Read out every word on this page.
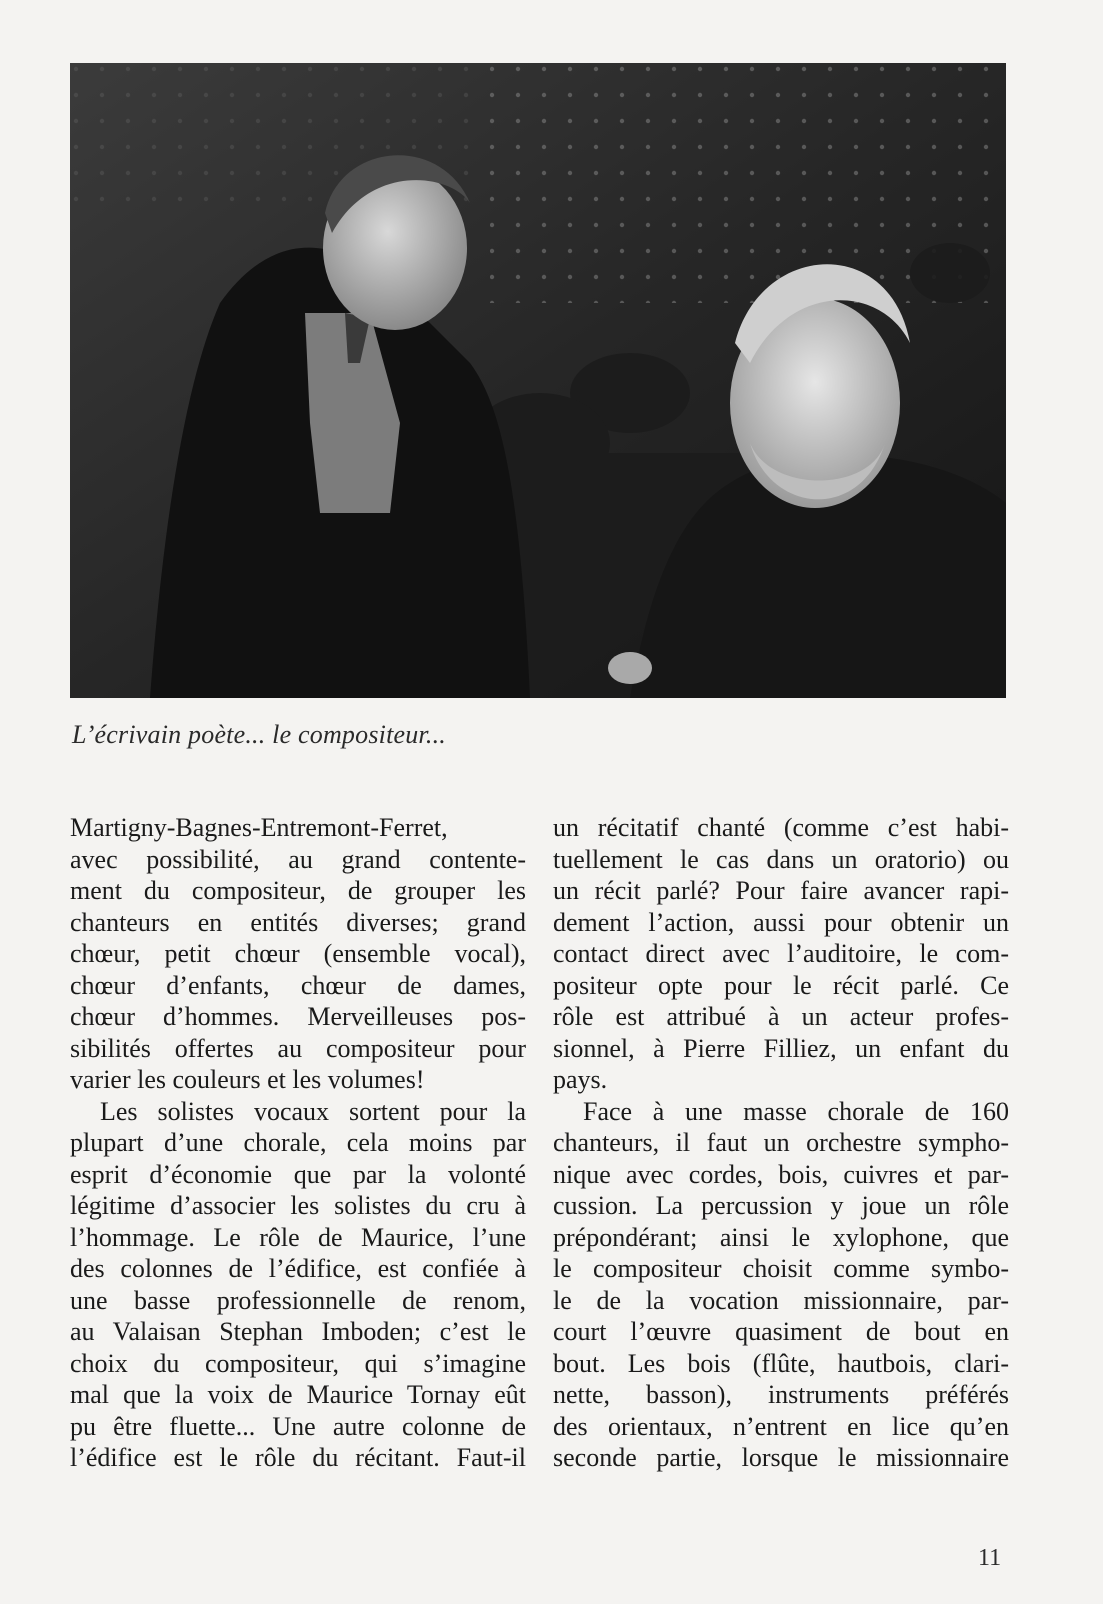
L’écrivain poète... le compositeur...
Martigny-Bagnes-Entremont-Ferret,
avec possibilité, au grand contente-
ment du compositeur, de grouper les
chanteurs en entités diverses; grand
chœur, petit chœur (ensemble vocal),
chœur d’enfants, chœur de dames,
chœur d’hommes. Merveilleuses pos-
sibilités offertes au compositeur pour
varier les couleurs et les volumes!
Les solistes vocaux sortent pour la
plupart d’une chorale, cela moins par
esprit d’économie que par la volonté
légitime d’associer les solistes du cru à
l’hommage. Le rôle de Maurice, l’une
des colonnes de l’édifice, est confiée à
une basse professionnelle de renom,
au Valaisan Stephan Imboden; c’est le
choix du compositeur, qui s’imagine
mal que la voix de Maurice Tornay eût
pu être fluette... Une autre colonne de
l’édifice est le rôle du récitant. Faut-il
un récitatif chanté (comme c’est habi-
tuellement le cas dans un oratorio) ou
un récit parlé? Pour faire avancer rapi-
dement l’action, aussi pour obtenir un
contact direct avec l’auditoire, le com-
positeur opte pour le récit parlé. Ce
rôle est attribué à un acteur profes-
sionnel, à Pierre Filliez, un enfant du
pays.
Face à une masse chorale de 160
chanteurs, il faut un orchestre sympho-
nique avec cordes, bois, cuivres et par-
cussion. La percussion y joue un rôle
prépondérant; ainsi le xylophone, que
le compositeur choisit comme symbo-
le de la vocation missionnaire, par-
court l’œuvre quasiment de bout en
bout. Les bois (flûte, hautbois, clari-
nette, basson), instruments préférés
des orientaux, n’entrent en lice qu’en
seconde partie, lorsque le missionnaire
11
